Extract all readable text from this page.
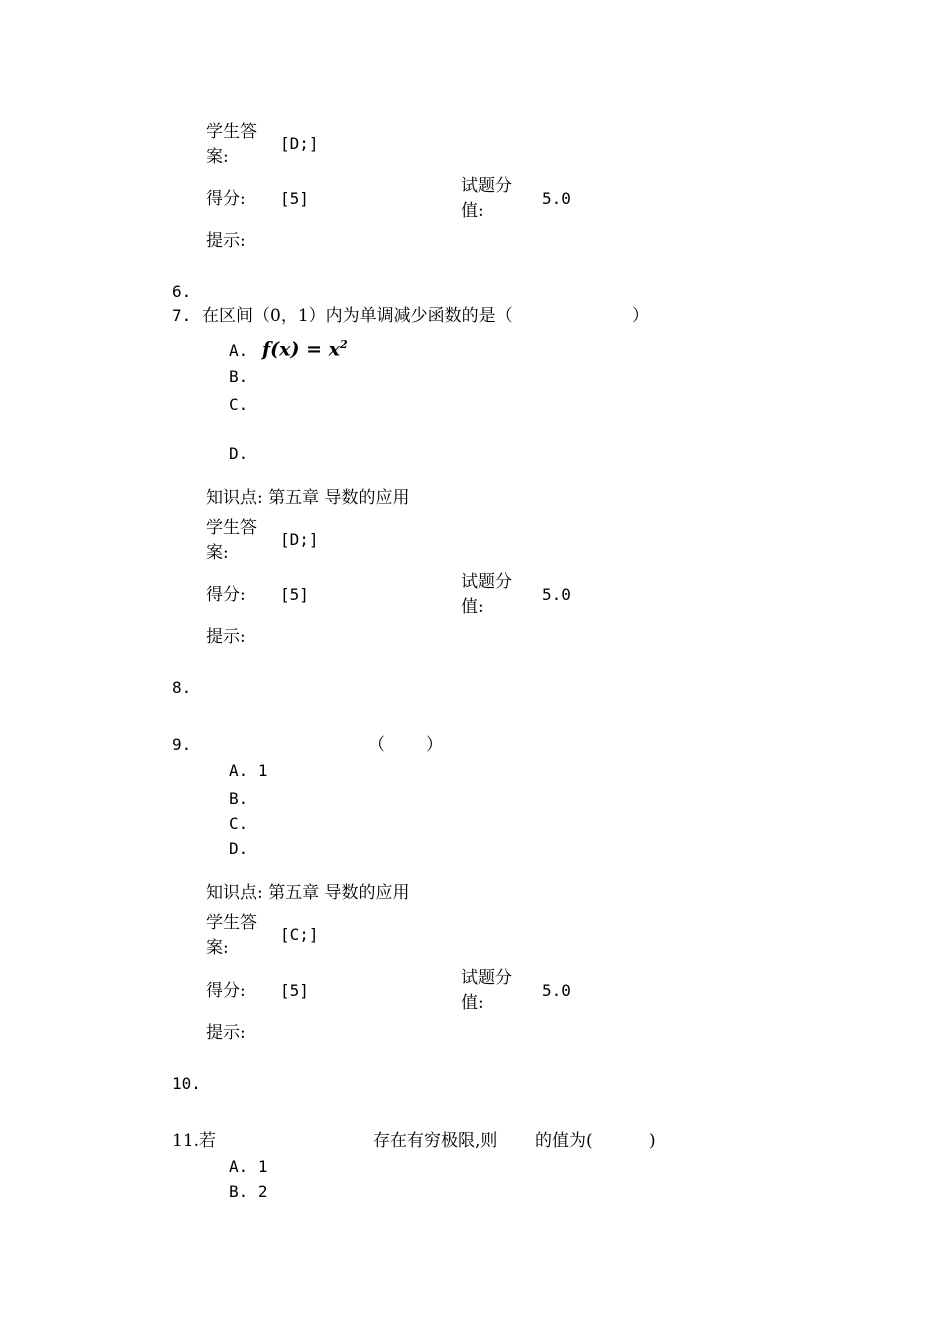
学生答案:
[D;]
得分: [5]
试题分值:
5.0
提示:
6.
7. 在区间（0，1）内为单调减少函数的是（	）
A. $f(x) = x^2$
B.
C.
D.
知识点: 第五章 导数的应用
学生答案:
[D;]
得分: [5]
试题分值:
5.0
提示:
8.
9.	（ ）
A. 1
B.
C.
D.
知识点: 第五章 导数的应用
学生答案:
[C;]
得分: [5]
试题分值:
5.0
提示:
10.
11.若	存在有穷极限,则 的值为(	)
A. 1
B. 2
